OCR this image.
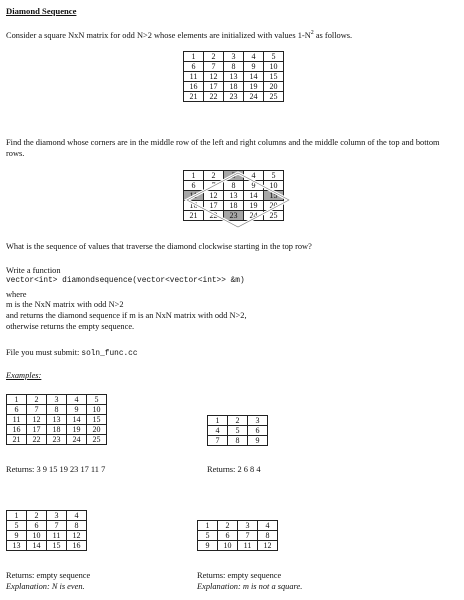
Diamond Sequence
Consider a square NxN matrix for odd N>2 whose elements are initialized with values $1-N^2$ as follows.
1	2	3	4	5
6	7	8	9	10
11	12	13	14	15
16	17	18	19	20
21	22	23	24	25
Find the diamond whose corners are in the middle row of the left and right columns and the middle column of the top and bottom rows.
1	2	3	4	5
6	7	8	9	10
11	12	13	14	15
16	17	18	19	20
21	22	23	24	25
What is the sequence of values that traverse the diamond clockwise starting in the top row?
Write a function
vector<int> diamondsequence(vector<vector<int>> &m)
where
m is the NxN matrix with odd N>2
and returns the diamond sequence if m is an NxN matrix with odd N>2,
otherwise returns the empty sequence.
File you must submit: soln_func.cc
Examples:
1	2	3	4	5
6	7	8	9	10
11	12	13	14	15
16	17	18	19	20
21	22	23	24	25
Returns: 3 9 15 19 23 17 11 7
1	2	3
4	5	6
7	8	9
Returns: 2 6 8 4
1	2	3	4
5	6	7	8
9	10	11	12
13	14	15	16
Returns: empty sequence
Explanation: N is even.
1	2	3	4
5	6	7	8
9	10	11	12
Returns: empty sequence
Explanation: m is not a square.
